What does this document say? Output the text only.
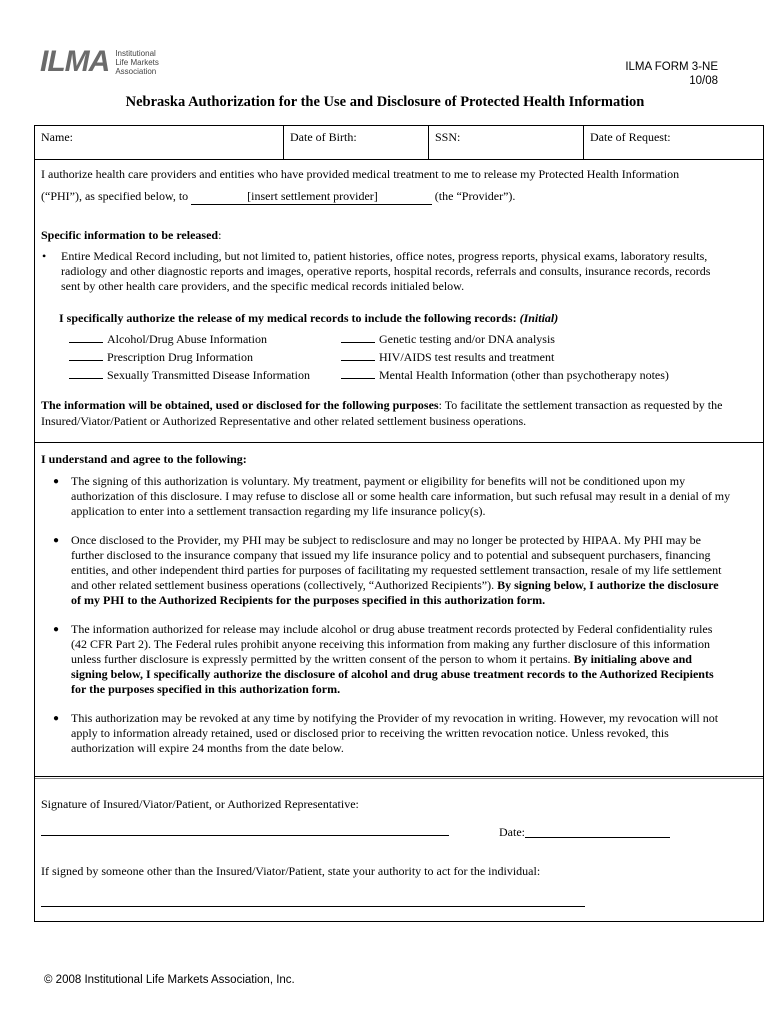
ILMA Institutional
Life Markets
Association	ILMA FORM 3-NE
10/08
Nebraska Authorization for the Use and Disclosure of Protected Health Information
Name:	Date of Birth:	SSN:	Date of Request:
I authorize health care providers and entities who have provided medical treatment to me to release my Protected Health Information
(“PHI”), as specified below, to	[insert settlement provider]	(the “Provider”).
Specific information to be released:
• Entire Medical Record including, but not limited to, patient histories, office notes, progress reports, physical exams, laboratory results, radiology and other diagnostic reports and images, operative reports, hospital records, referrals and consults, insurance records, records sent by other health care providers, and the specific medical records initialed below.
I specifically authorize the release of my medical records to include the following records: (Initial)
Alcohol/Drug Abuse Information
Prescription Drug Information
Sexually Transmitted Disease Information
Genetic testing and/or DNA analysis
HIV/AIDS test results and treatment
Mental Health Information (other than psychotherapy notes)
The information will be obtained, used or disclosed for the following purposes: To facilitate the settlement transaction as requested by the Insured/Viator/Patient or Authorized Representative and other related settlement business operations.
I understand and agree to the following:
● The signing of this authorization is voluntary. My treatment, payment or eligibility for benefits will not be conditioned upon my authorization of this disclosure. I may refuse to disclose all or some health care information, but such refusal may result in a denial of my application to enter into a settlement transaction regarding my life insurance policy(s).
● Once disclosed to the Provider, my PHI may be subject to redisclosure and may no longer be protected by HIPAA. My PHI may be further disclosed to the insurance company that issued my life insurance policy and to potential and subsequent purchasers, financing entities, and other independent third parties for purposes of facilitating my requested settlement transaction, resale of my life settlement and other related settlement business operations (collectively, “Authorized Recipients”). By signing below, I authorize the disclosure of my PHI to the Authorized Recipients for the purposes specified in this authorization form.
● The information authorized for release may include alcohol or drug abuse treatment records protected by Federal confidentiality rules (42 CFR Part 2). The Federal rules prohibit anyone receiving this information from making any further disclosure of this information unless further disclosure is expressly permitted by the written consent of the person to whom it pertains. By initialing above and signing below, I specifically authorize the disclosure of alcohol and drug abuse treatment records to the Authorized Recipients for the purposes specified in this authorization form.
● This authorization may be revoked at any time by notifying the Provider of my revocation in writing. However, my revocation will not apply to information already retained, used or disclosed prior to receiving the written revocation notice. Unless revoked, this authorization will expire 24 months from the date below.
Signature of Insured/Viator/Patient, or Authorized Representative:
Date:
If signed by someone other than the Insured/Viator/Patient, state your authority to act for the individual:
© 2008 Institutional Life Markets Association, Inc.
